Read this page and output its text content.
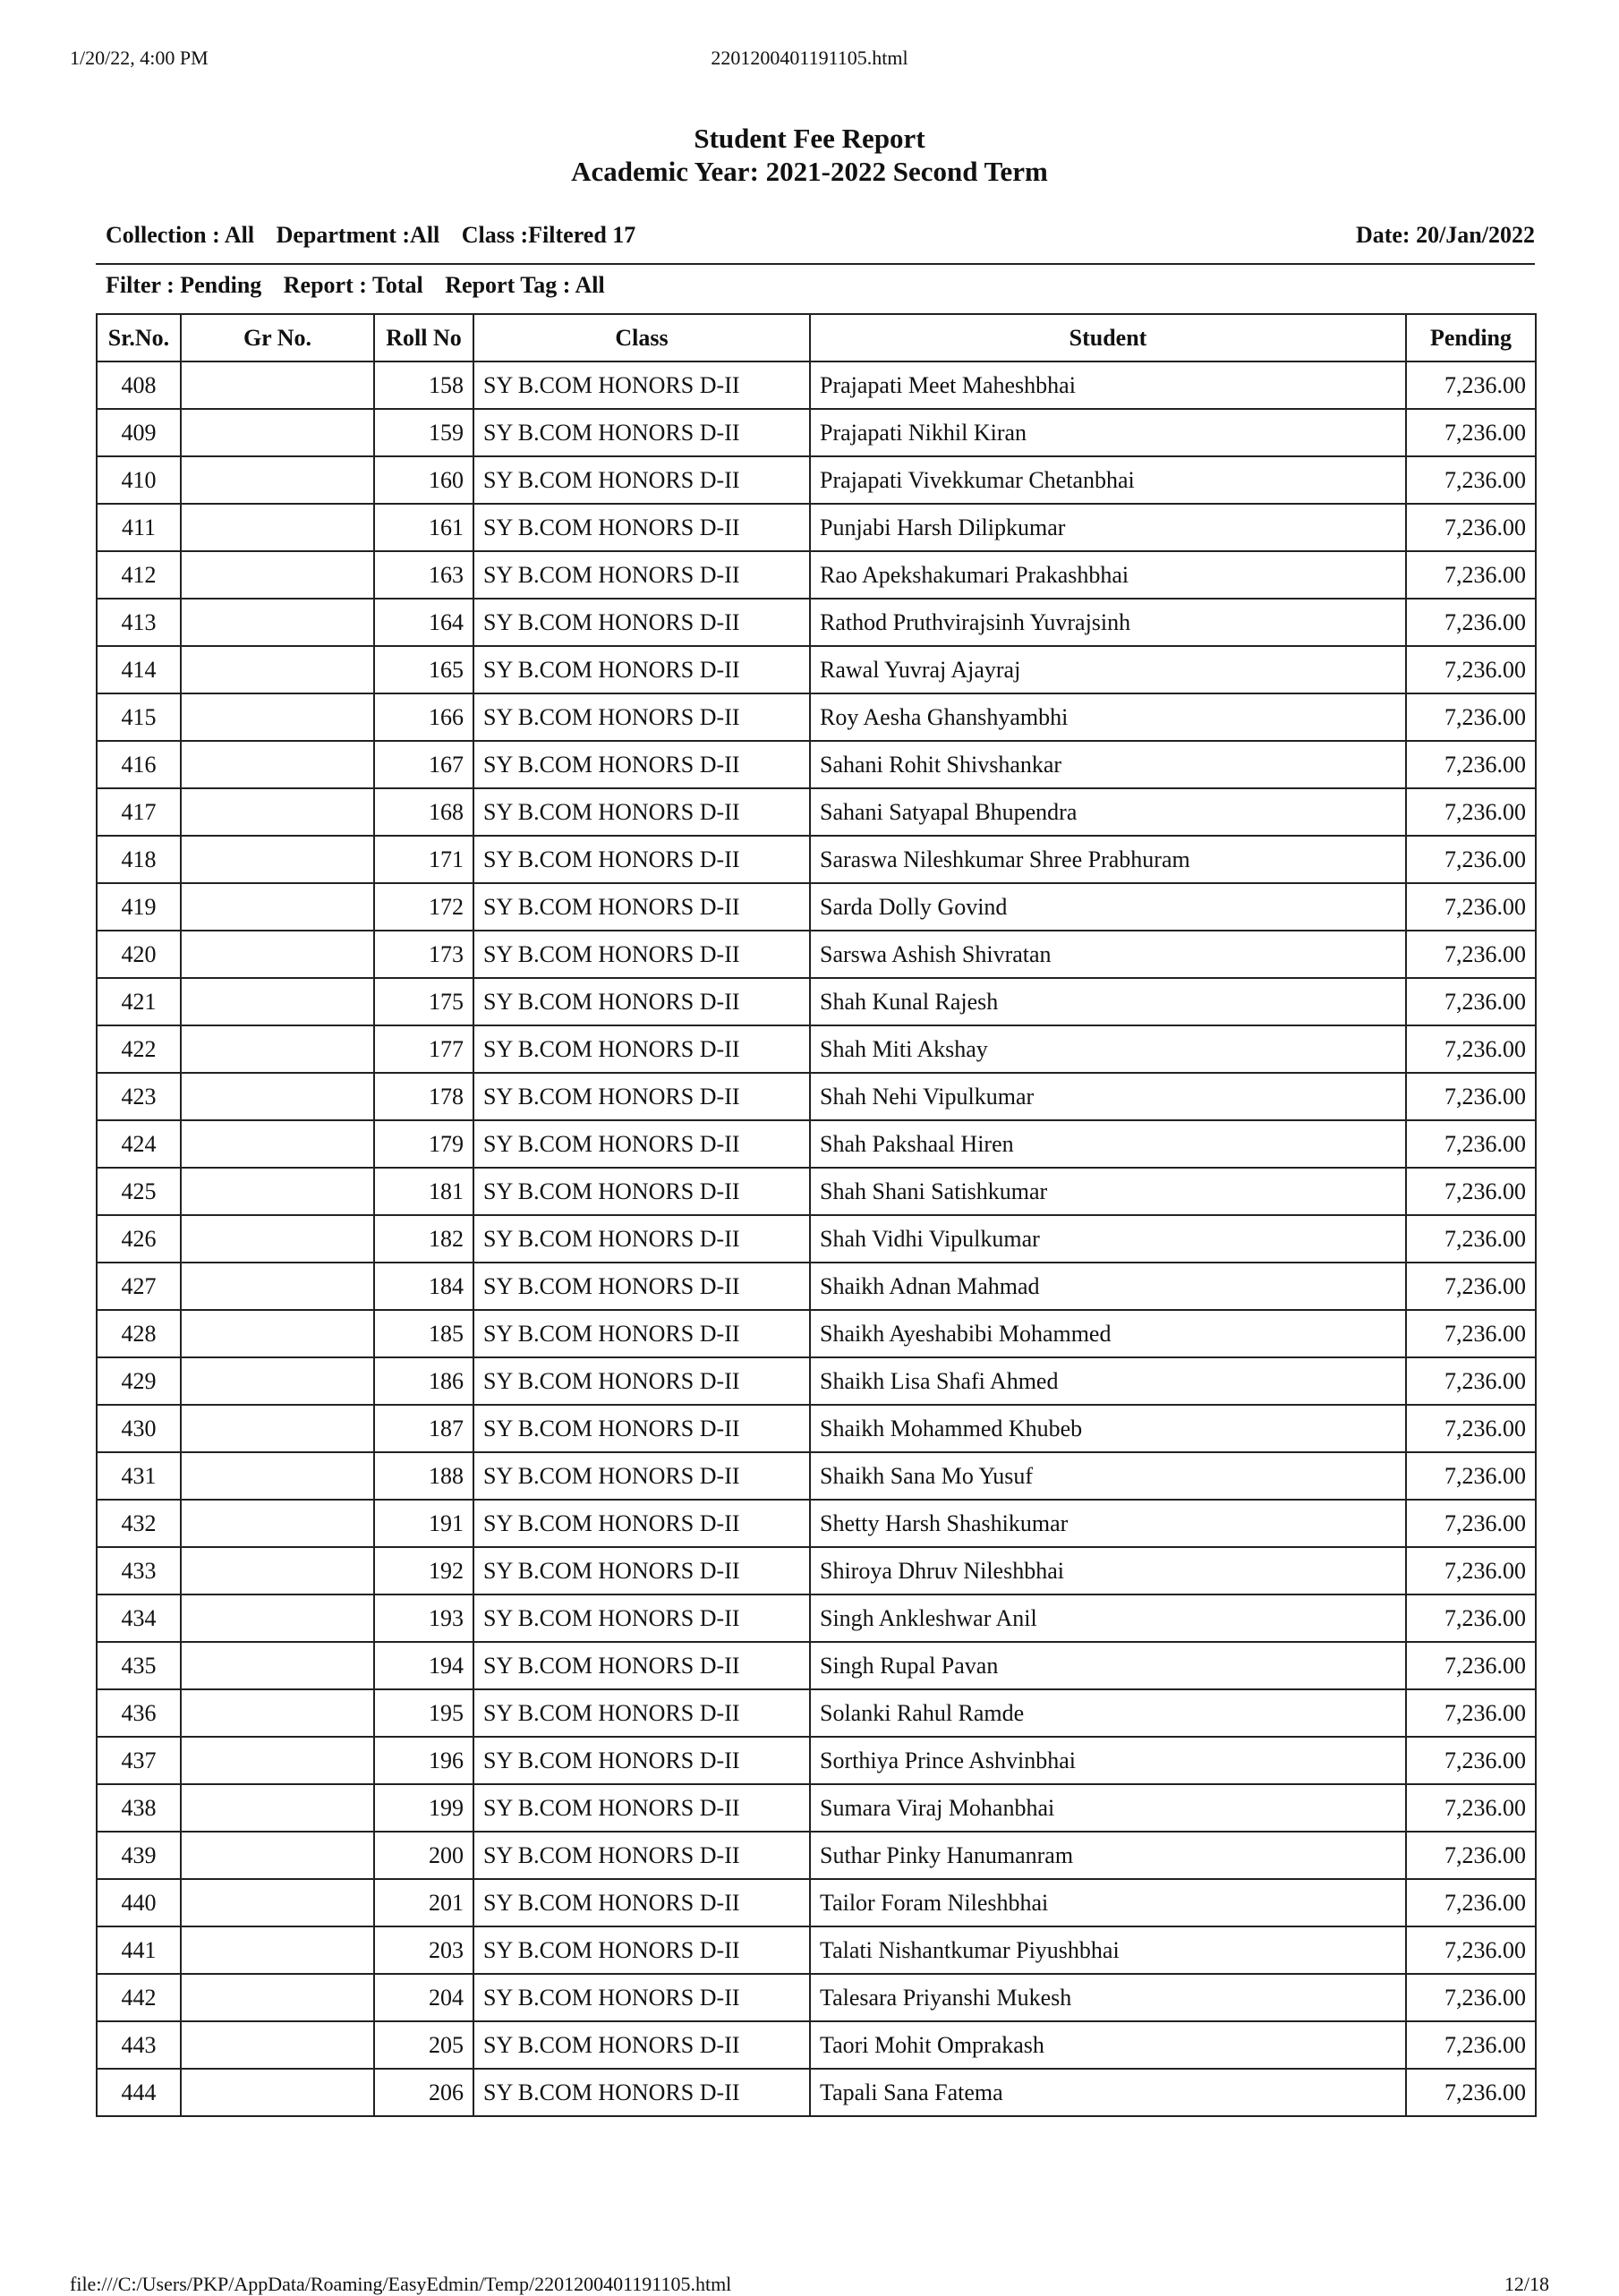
1/20/22, 4:00 PM	2201200401191105.html
Student Fee Report
Academic Year: 2021-2022 Second Term
Collection : All Department :All Class :Filtered 17	Date: 20/Jan/2022
Filter : Pending Report : Total Report Tag : All
Sr.No.	Gr No.	Roll No	Class	Student	Pending
408		158	SY B.COM HONORS D-II	Prajapati Meet Maheshbhai	7,236.00
409		159	SY B.COM HONORS D-II	Prajapati Nikhil Kiran	7,236.00
410		160	SY B.COM HONORS D-II	Prajapati Vivekkumar Chetanbhai	7,236.00
411		161	SY B.COM HONORS D-II	Punjabi Harsh Dilipkumar	7,236.00
412		163	SY B.COM HONORS D-II	Rao Apekshakumari Prakashbhai	7,236.00
413		164	SY B.COM HONORS D-II	Rathod Pruthvirajsinh Yuvrajsinh	7,236.00
414		165	SY B.COM HONORS D-II	Rawal Yuvraj Ajayraj	7,236.00
415		166	SY B.COM HONORS D-II	Roy Aesha Ghanshyambhi	7,236.00
416		167	SY B.COM HONORS D-II	Sahani Rohit Shivshankar	7,236.00
417		168	SY B.COM HONORS D-II	Sahani Satyapal Bhupendra	7,236.00
418		171	SY B.COM HONORS D-II	Saraswa Nileshkumar Shree Prabhuram	7,236.00
419		172	SY B.COM HONORS D-II	Sarda Dolly Govind	7,236.00
420		173	SY B.COM HONORS D-II	Sarswa Ashish Shivratan	7,236.00
421		175	SY B.COM HONORS D-II	Shah Kunal Rajesh	7,236.00
422		177	SY B.COM HONORS D-II	Shah Miti Akshay	7,236.00
423		178	SY B.COM HONORS D-II	Shah Nehi Vipulkumar	7,236.00
424		179	SY B.COM HONORS D-II	Shah Pakshaal Hiren	7,236.00
425		181	SY B.COM HONORS D-II	Shah Shani Satishkumar	7,236.00
426		182	SY B.COM HONORS D-II	Shah Vidhi Vipulkumar	7,236.00
427		184	SY B.COM HONORS D-II	Shaikh Adnan Mahmad	7,236.00
428		185	SY B.COM HONORS D-II	Shaikh Ayeshabibi Mohammed	7,236.00
429		186	SY B.COM HONORS D-II	Shaikh Lisa Shafi Ahmed	7,236.00
430		187	SY B.COM HONORS D-II	Shaikh Mohammed Khubeb	7,236.00
431		188	SY B.COM HONORS D-II	Shaikh Sana Mo Yusuf	7,236.00
432		191	SY B.COM HONORS D-II	Shetty Harsh Shashikumar	7,236.00
433		192	SY B.COM HONORS D-II	Shiroya Dhruv Nileshbhai	7,236.00
434		193	SY B.COM HONORS D-II	Singh Ankleshwar Anil	7,236.00
435		194	SY B.COM HONORS D-II	Singh Rupal Pavan	7,236.00
436		195	SY B.COM HONORS D-II	Solanki Rahul Ramde	7,236.00
437		196	SY B.COM HONORS D-II	Sorthiya Prince Ashvinbhai	7,236.00
438		199	SY B.COM HONORS D-II	Sumara Viraj Mohanbhai	7,236.00
439		200	SY B.COM HONORS D-II	Suthar Pinky Hanumanram	7,236.00
440		201	SY B.COM HONORS D-II	Tailor Foram Nileshbhai	7,236.00
441		203	SY B.COM HONORS D-II	Talati Nishantkumar Piyushbhai	7,236.00
442		204	SY B.COM HONORS D-II	Talesara Priyanshi Mukesh	7,236.00
443		205	SY B.COM HONORS D-II	Taori Mohit Omprakash	7,236.00
444		206	SY B.COM HONORS D-II	Tapali Sana Fatema	7,236.00
file:///C:/Users/PKP/AppData/Roaming/EasyEdmin/Temp/2201200401191105.html	12/18
